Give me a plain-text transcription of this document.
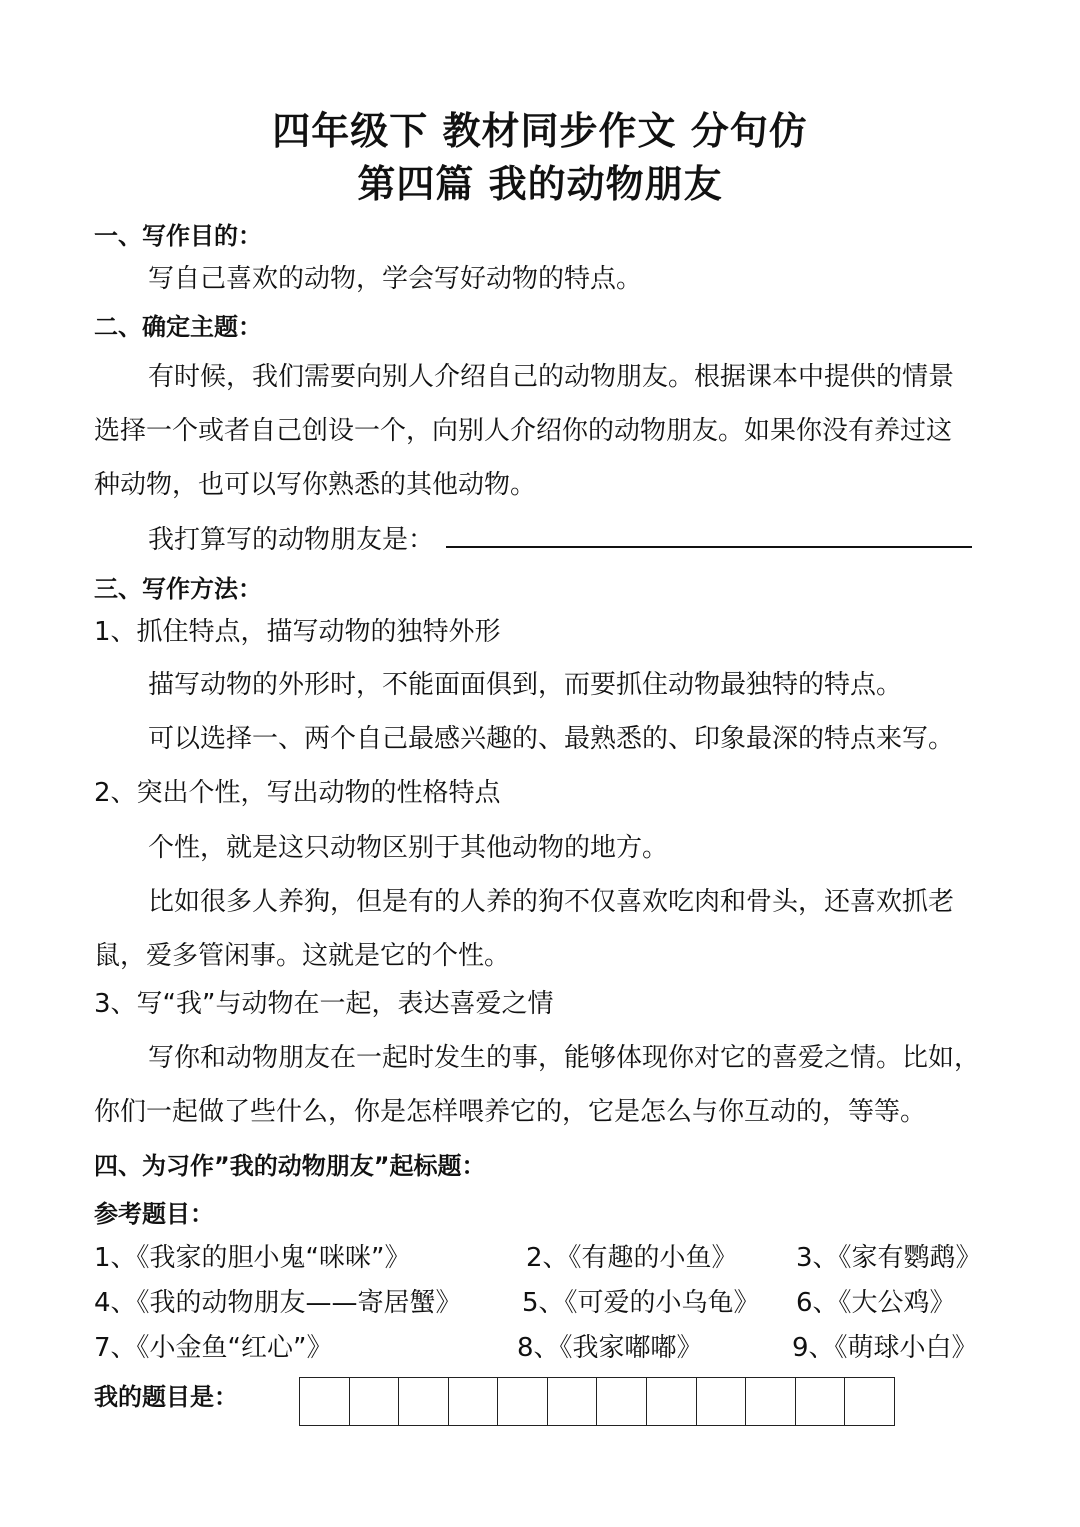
四年级下 教材同步作文 分句仿
第四篇 我的动物朋友
一、写作目的：
写自己喜欢的动物，学会写好动物的特点。
二、确定主题：
有时候，我们需要向别人介绍自己的动物朋友。根据课本中提供的情景
选择一个或者自己创设一个，向别人介绍你的动物朋友。如果你没有养过这
种动物，也可以写你熟悉的其他动物。
我打算写的动物朋友是：
三、写作方法：
1、抓住特点，描写动物的独特外形
描写动物的外形时，不能面面俱到，而要抓住动物最独特的特点。
可以选择一、两个自己最感兴趣的、最熟悉的、印象最深的特点来写。
2、突出个性，写出动物的性格特点
个性，就是这只动物区别于其他动物的地方。
比如很多人养狗，但是有的人养的狗不仅喜欢吃肉和骨头，还喜欢抓老
鼠，爱多管闲事。这就是它的个性。
3、写“我”与动物在一起，表达喜爱之情
写你和动物朋友在一起时发生的事，能够体现你对它的喜爱之情。比如，
你们一起做了些什么，你是怎样喂养它的，它是怎么与你互动的，等等。
四、为习作”我的动物朋友”起标题：
参考题目：
1、《我家的胆小鬼“咪咪”》	2、《有趣的小鱼》 3、《家有鹦鹉》
4、《我的动物朋友——寄居蟹》 5、《可爱的小乌龟》 6、《大公鸡》
7、《小金鱼“红心”》	8、《我家嘟嘟》	9、《萌球小白》
我的题目是：
